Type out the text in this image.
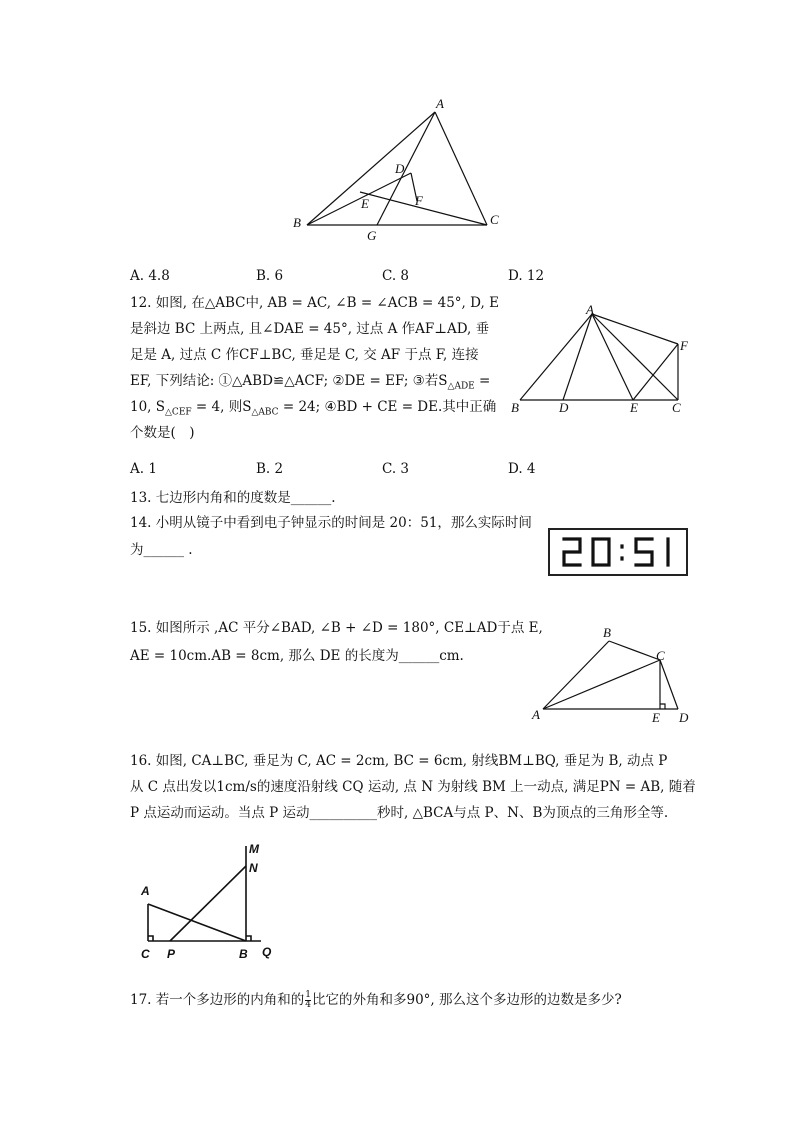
A
B	C
D
E	F
G
A. 4.8	B. 6	C. 8	D. 12
12. 如图, 在△ABC中, AB = AC, ∠B = ∠ACB = 45°, D, E
是斜边 BC 上两点, 且∠DAE = 45°, 过点 A 作AF⊥AD, 垂
足是 A, 过点 C 作CF⊥BC, 垂足是 C, 交 AF 于点 F, 连接
EF, 下列结论: ①△ABD≌△ACF; ②DE = EF; ③若$S_{\triangle ADE}$ =
10, $S_{\triangle CEF} = 4$, 则$S_{\triangle ABC} = 24$; ④BD + CE = DE.其中正确
个数是(　)
A
B	C
D	E
F
A. 1	B. 2	C. 3	D. 4
13. 七边形内角和的度数是______.
14. 小明从镜子中看到电子钟显示的时间是 20：51，那么实际时间
为______ .
15. 如图所示 ,AC 平分∠BAD, ∠B + ∠D = 180°, CE⊥AD于点 E,
AE = 10cm.AB = 8cm, 那么 DE 的长度为______cm.
A
B
C
D
E
16. 如图, CA⊥BC, 垂足为 C, AC = 2cm, BC = 6cm, 射线BM⊥BQ, 垂足为 B, 动点 P
从 C 点出发以1cm/s的速度沿射线 CQ 运动, 点 N 为射线 BM 上一动点, 满足PN = AB, 随着
P 点运动而运动。当点 P 运动__________秒时, △BCA与点 P、N、B为顶点的三角形全等.
A
C P	B Q
M
N
17. 若一个多边形的内角和的 $\frac{1}{4}$ 比它的外角和多90°, 那么这个多边形的边数是多少?
